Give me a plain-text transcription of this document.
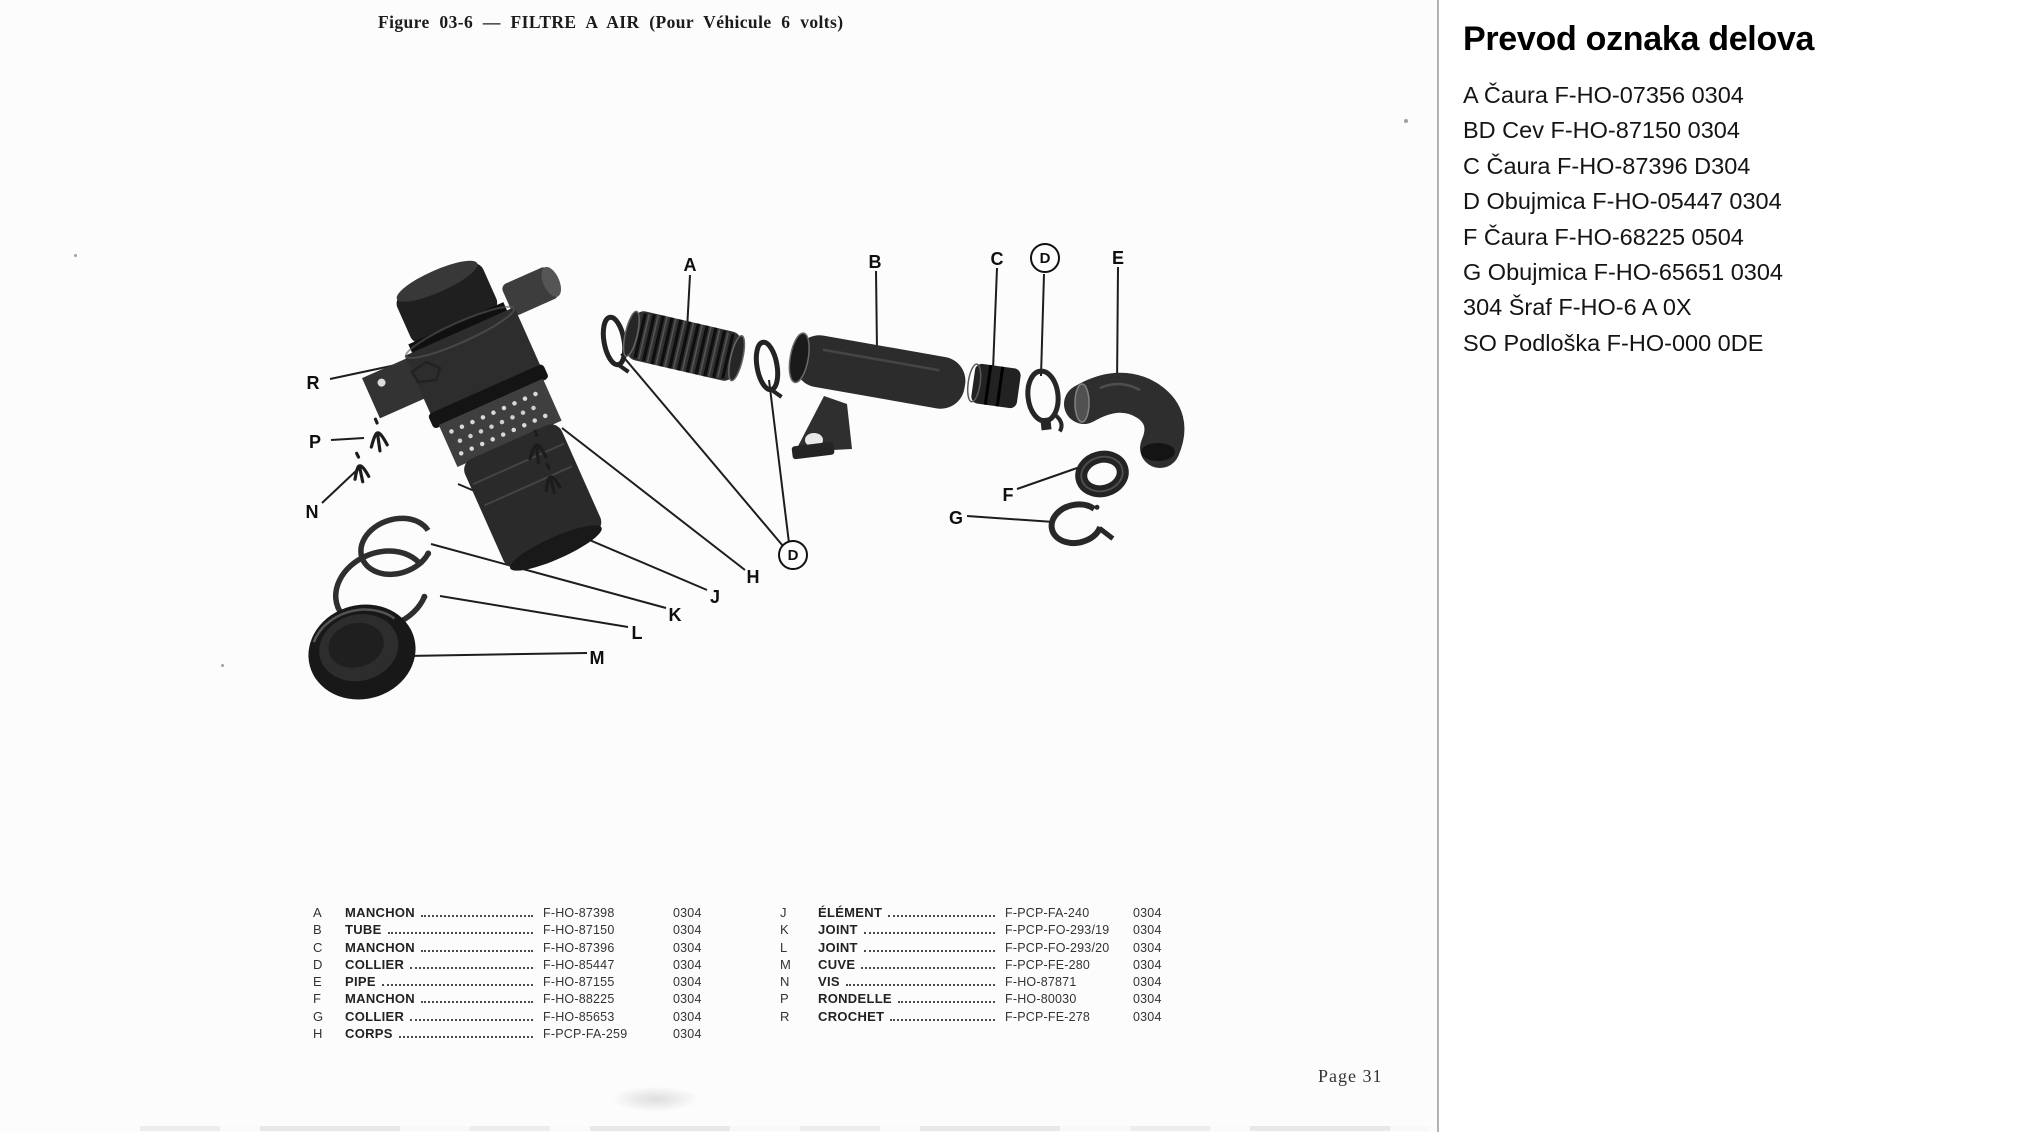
Figure 03-6 — FILTRE A AIR (Pour Véhicule 6 volts)
A	B	C	D	E
R
P
N
F
G
D
H
J
K
L
M
A	MANCHON	F-HO-87398	0304
B	TUBE	F-HO-87150	0304
C	MANCHON	F-HO-87396	0304
D	COLLIER	F-HO-85447	0304
E	PIPE	F-HO-87155	0304
F	MANCHON	F-HO-88225	0304
G	COLLIER	F-HO-85653	0304
H	CORPS	F-PCP-FA-259	0304
J	ÉLÉMENT	F-PCP-FA-240	0304
K	JOINT	F-PCP-FO-293/19	0304
L	JOINT	F-PCP-FO-293/20	0304
M	CUVE	F-PCP-FE-280	0304
N	VIS	F-HO-87871	0304
P	RONDELLE	F-HO-80030	0304
R	CROCHET	F-PCP-FE-278	0304
Page 31
Prevod oznaka delova
A Čaura F-HO-07356 0304
BD Cev F-HO-87150 0304
C Čaura F-HO-87396 D304
D Obujmica F-HO-05447 0304
F Čaura F-HO-68225 0504
G Obujmica F-HO-65651 0304
304 Šraf F-HO-6 A 0X
SO Podloška F-HO-000 0DE
